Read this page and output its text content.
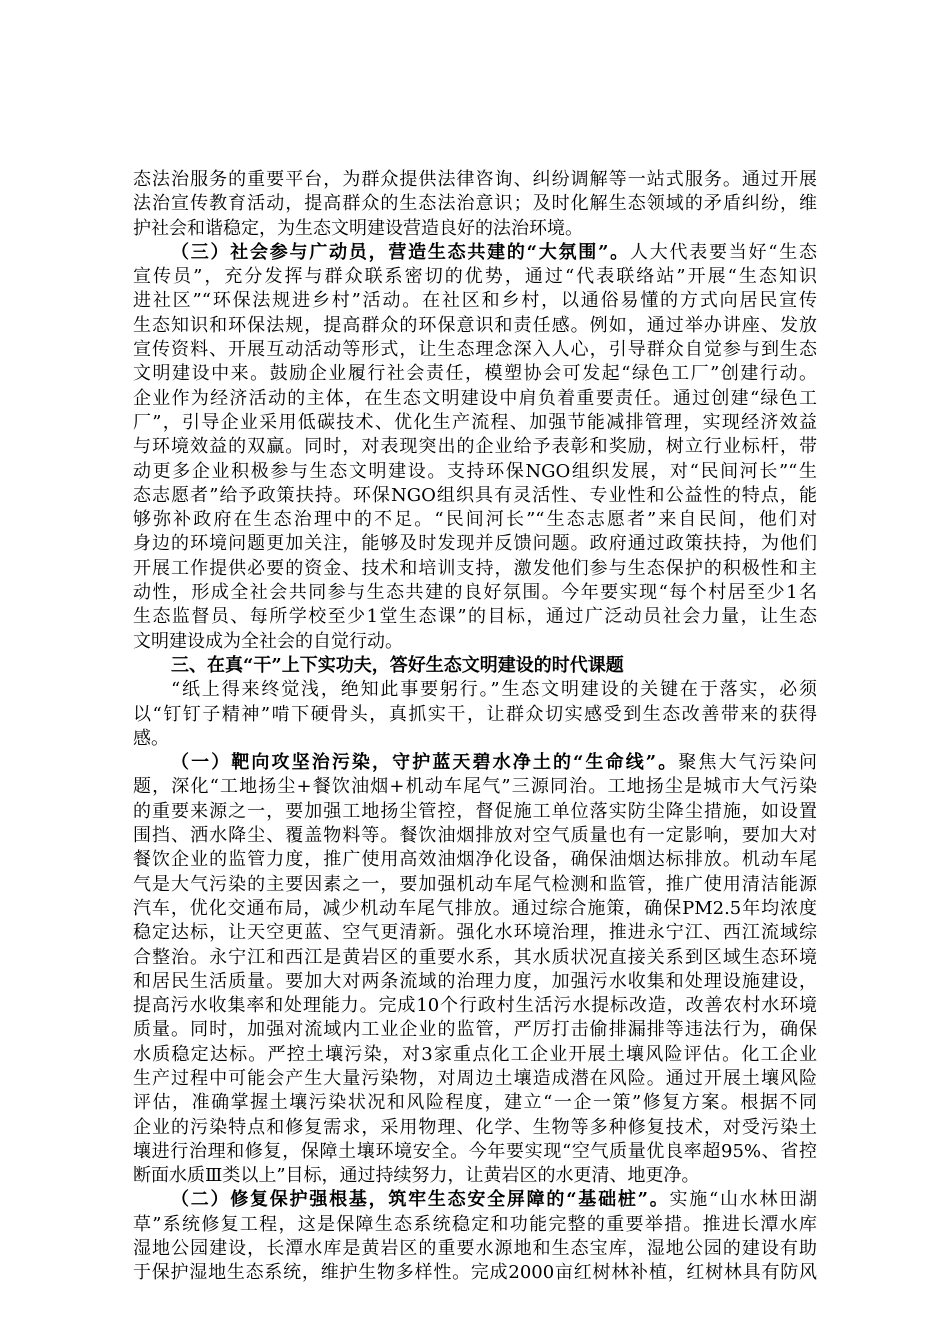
态法治服务的重要平台，为群众提供法律咨询、纠纷调解等一站式服务。通过开展
法治宣传教育活动，提高群众的生态法治意识；及时化解生态领域的矛盾纠纷，维
护社会和谐稳定，为生态文明建设营造良好的法治环境。
（三）社会参与广动员，营造生态共建的“大氛围”。人大代表要当好“生态
宣传员”，充分发挥与群众联系密切的优势，通过“代表联络站”开展“生态知识
进社区”“环保法规进乡村”活动。在社区和乡村，以通俗易懂的方式向居民宣传
生态知识和环保法规，提高群众的环保意识和责任感。例如，通过举办讲座、发放
宣传资料、开展互动活动等形式，让生态理念深入人心，引导群众自觉参与到生态
文明建设中来。鼓励企业履行社会责任，模塑协会可发起“绿色工厂”创建行动。
企业作为经济活动的主体，在生态文明建设中肩负着重要责任。通过创建“绿色工
厂”，引导企业采用低碳技术、优化生产流程、加强节能减排管理，实现经济效益
与环境效益的双赢。同时，对表现突出的企业给予表彰和奖励，树立行业标杆，带
动更多企业积极参与生态文明建设。支持环保NGO组织发展，对“民间河长”“生
态志愿者”给予政策扶持。环保NGO组织具有灵活性、专业性和公益性的特点，能
够弥补政府在生态治理中的不足。“民间河长”“生态志愿者”来自民间，他们对
身边的环境问题更加关注，能够及时发现并反馈问题。政府通过政策扶持，为他们
开展工作提供必要的资金、技术和培训支持，激发他们参与生态保护的积极性和主
动性，形成全社会共同参与生态共建的良好氛围。今年要实现“每个村居至少1名
生态监督员、每所学校至少1堂生态课”的目标，通过广泛动员社会力量，让生态
文明建设成为全社会的自觉行动。
三、在真“干”上下实功夫，答好生态文明建设的时代课题
“纸上得来终觉浅，绝知此事要躬行。”生态文明建设的关键在于落实，必须
以“钉钉子精神”啃下硬骨头，真抓实干，让群众切实感受到生态改善带来的获得
感。
（一）靶向攻坚治污染，守护蓝天碧水净土的“生命线”。聚焦大气污染问
题，深化“工地扬尘+餐饮油烟+机动车尾气”三源同治。工地扬尘是城市大气污染
的重要来源之一，要加强工地扬尘管控，督促施工单位落实防尘降尘措施，如设置
围挡、洒水降尘、覆盖物料等。餐饮油烟排放对空气质量也有一定影响，要加大对
餐饮企业的监管力度，推广使用高效油烟净化设备，确保油烟达标排放。机动车尾
气是大气污染的主要因素之一，要加强机动车尾气检测和监管，推广使用清洁能源
汽车，优化交通布局，减少机动车尾气排放。通过综合施策，确保PM2.5年均浓度
稳定达标，让天空更蓝、空气更清新。强化水环境治理，推进永宁江、西江流域综
合整治。永宁江和西江是黄岩区的重要水系，其水质状况直接关系到区域生态环境
和居民生活质量。要加大对两条流域的治理力度，加强污水收集和处理设施建设，
提高污水收集率和处理能力。完成10个行政村生活污水提标改造，改善农村水环境
质量。同时，加强对流域内工业企业的监管，严厉打击偷排漏排等违法行为，确保
水质稳定达标。严控土壤污染，对3家重点化工企业开展土壤风险评估。化工企业
生产过程中可能会产生大量污染物，对周边土壤造成潜在风险。通过开展土壤风险
评估，准确掌握土壤污染状况和风险程度，建立“一企一策”修复方案。根据不同
企业的污染特点和修复需求，采用物理、化学、生物等多种修复技术，对受污染土
壤进行治理和修复，保障土壤环境安全。今年要实现“空气质量优良率超95%、省控
断面水质Ⅲ类以上”目标，通过持续努力，让黄岩区的水更清、地更净。
（二）修复保护强根基，筑牢生态安全屏障的“基础桩”。实施“山水林田湖
草”系统修复工程，这是保障生态系统稳定和功能完整的重要举措。推进长潭水库
湿地公园建设，长潭水库是黄岩区的重要水源地和生态宝库，湿地公园的建设有助
于保护湿地生态系统，维护生物多样性。完成2000亩红树林补植，红树林具有防风
